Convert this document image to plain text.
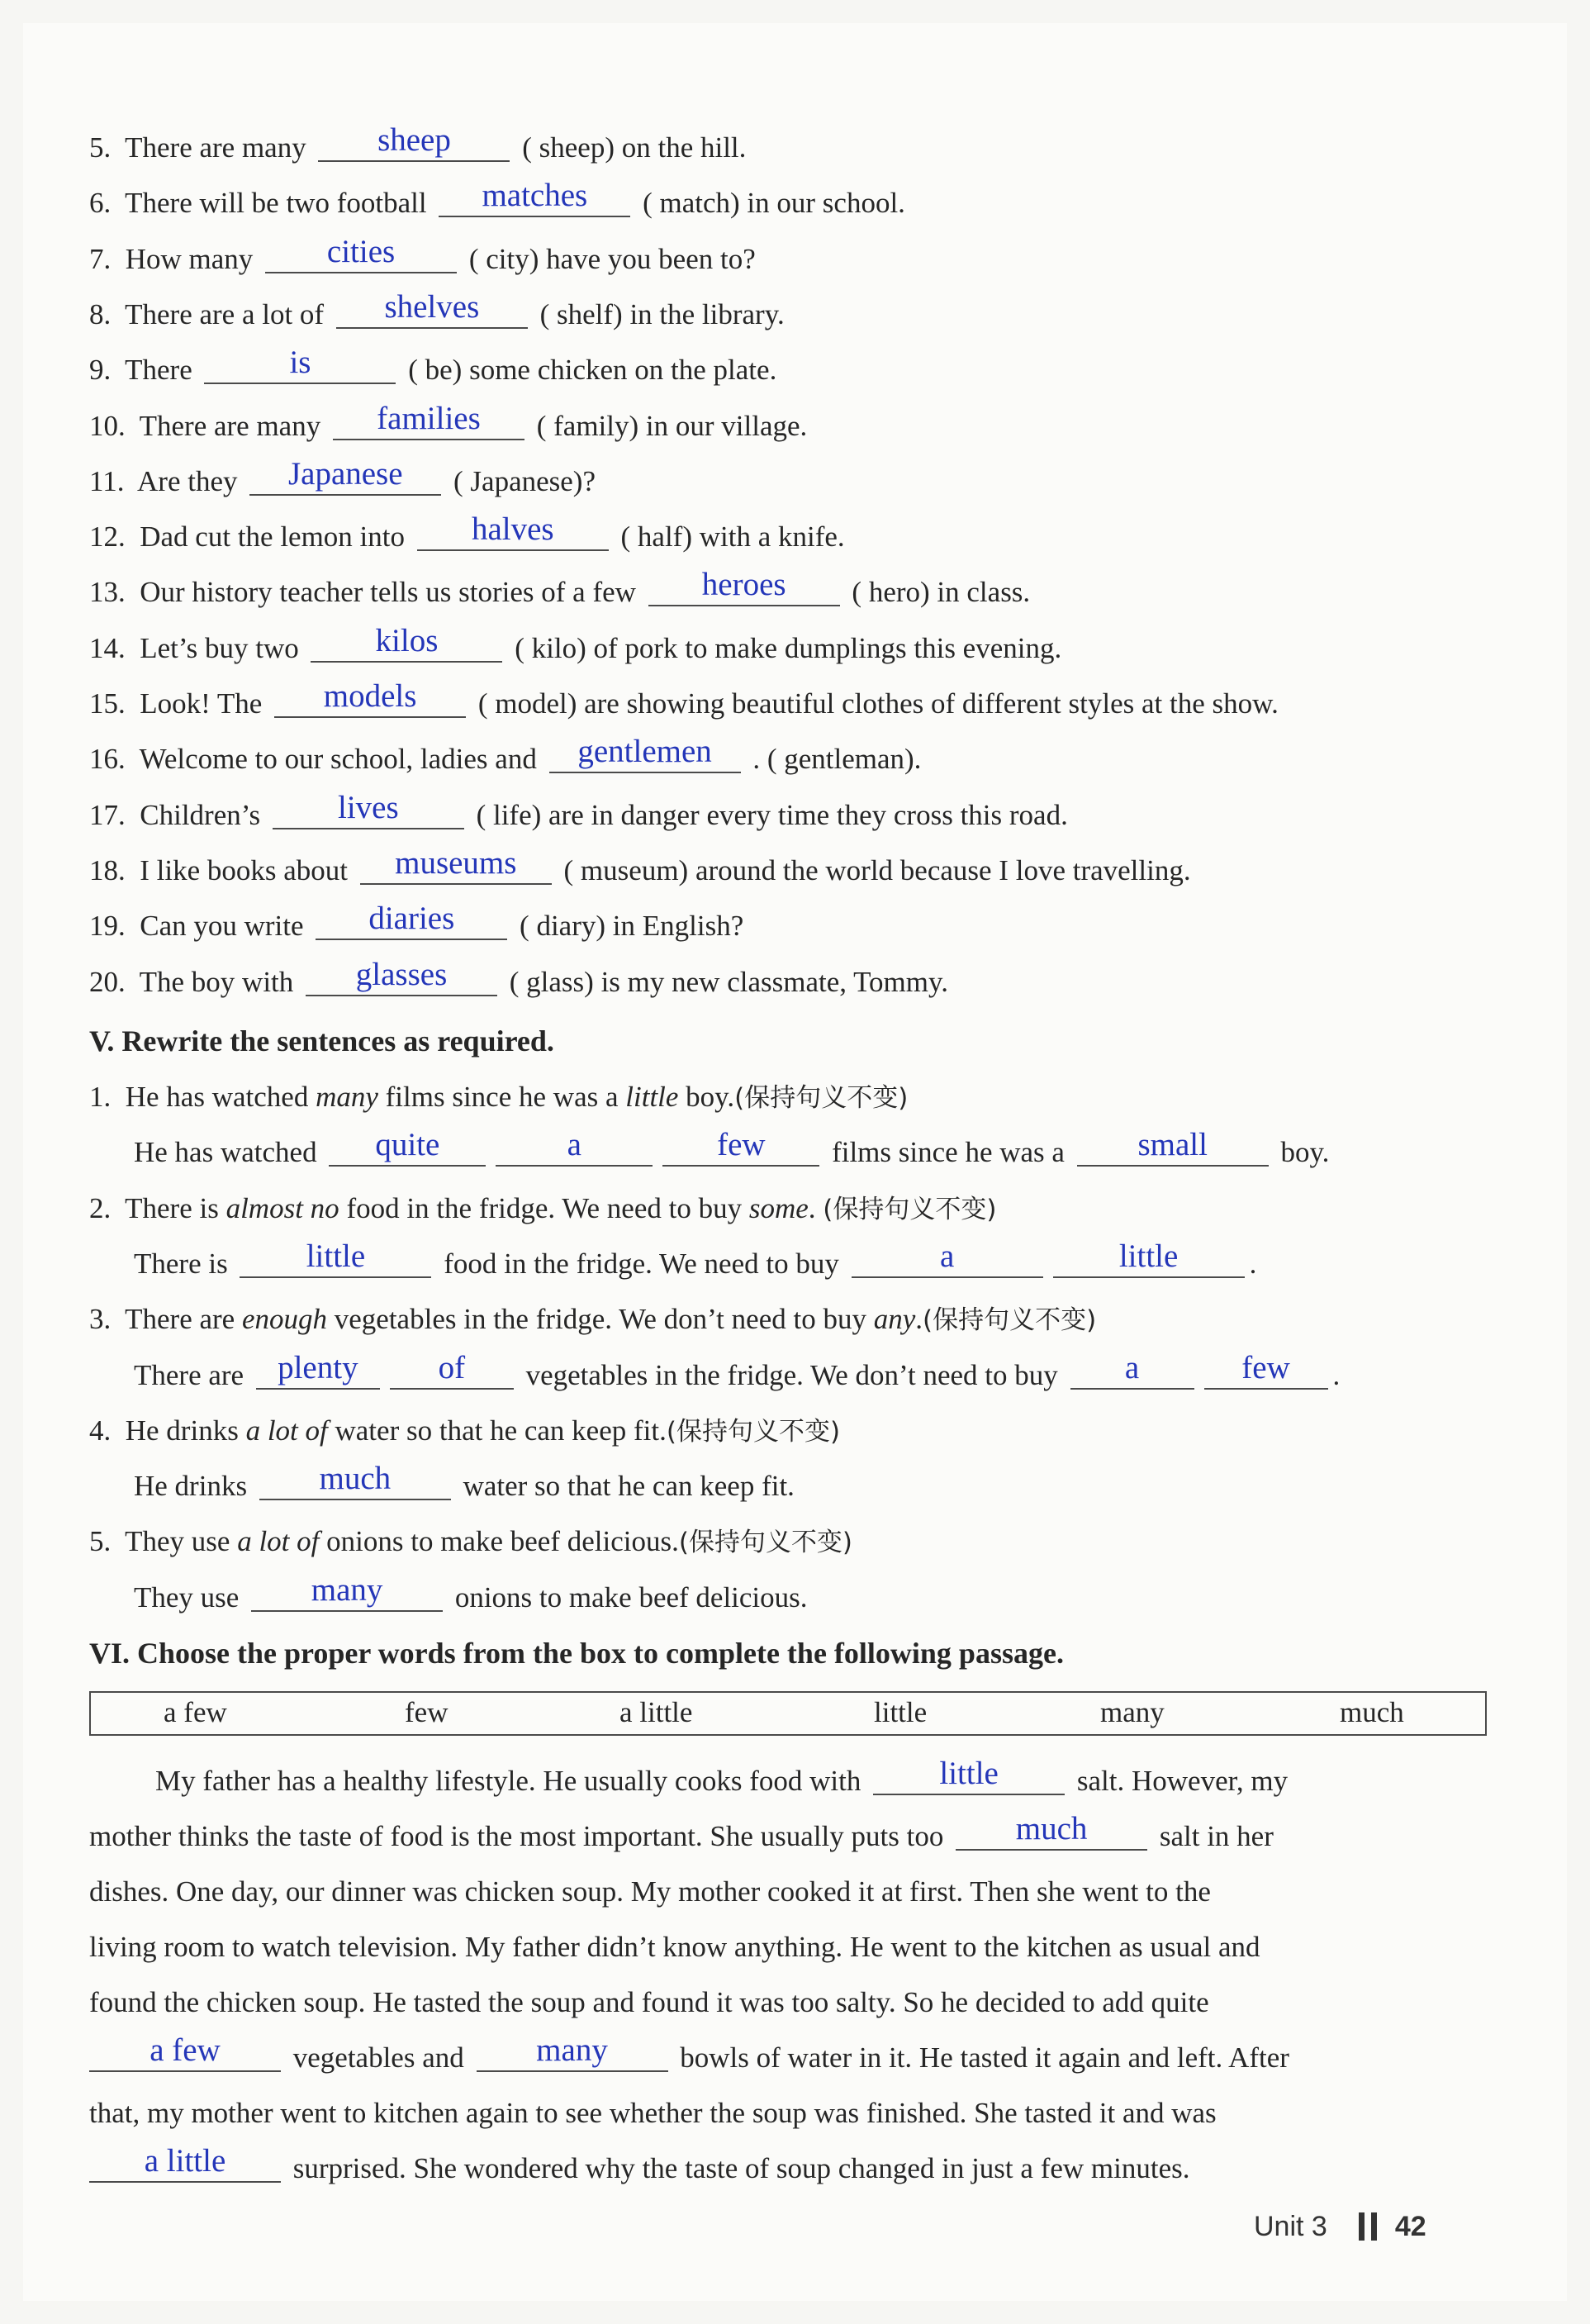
5. There are many	sheep	( sheep) on the hill.
6. There will be two football	matches	( match) in our school.
7. How many	cities	( city) have you been to?
8. There are a lot of	shelves	( shelf) in the library.
9. There	is	( be) some chicken on the plate.
10. There are many	families	( family) in our village.
11. Are they	Japanese	( Japanese)?
12. Dad cut the lemon into	halves	( half) with a knife.
13. Our history teacher tells us stories of a few	heroes	( hero) in class.
14. Let’s buy two	kilos	( kilo) of pork to make dumplings this evening.
15. Look! The	models	( model) are showing beautiful clothes of different styles at the show.
16. Welcome to our school, ladies and	gentlemen	. ( gentleman).
17. Children’s	lives	( life) are in danger every time they cross this road.
18. I like books about	museums	( museum) around the world because I love travelling.
19. Can you write	diaries	( diary) in English?
20. The boy with	glasses	( glass) is my new classmate, Tommy.
V. Rewrite the sentences as required.
1. He has watched many films since he was a little boy.(保持句义不变)
He has watched	quite	a	few	films since he was a	small	boy.
2. There is almost no food in the fridge. We need to buy some. (保持句义不变)
There is	little	food in the fridge. We need to buy	a	little	.
3. There are enough vegetables in the fridge. We don’t need to buy any.(保持句义不变)
There are	plenty	of	vegetables in the fridge. We don’t need to buy	a	few	.
4. He drinks a lot of water so that he can keep fit.(保持句义不变)
He drinks	much	water so that he can keep fit.
5. They use a lot of onions to make beef delicious.(保持句义不变)
They use	many	onions to make beef delicious.
VI. Choose the proper words from the box to complete the following passage.
a few	few	a little	little	many	much
My father has a healthy lifestyle. He usually cooks food with	little	salt. However, my
mother thinks the taste of food is the most important. She usually puts too	much	salt in her
dishes. One day, our dinner was chicken soup. My mother cooked it at first. Then she went to the
living room to watch television. My father didn’t know anything. He went to the kitchen as usual and
found the chicken soup. He tasted the soup and found it was too salty. So he decided to add quite
a few	vegetables and	many	bowls of water in it. He tasted it again and left. After
that, my mother went to kitchen again to see whether the soup was finished. She tasted it and was
a little	surprised. She wondered why the taste of soup changed in just a few minutes.
Unit 3 42
